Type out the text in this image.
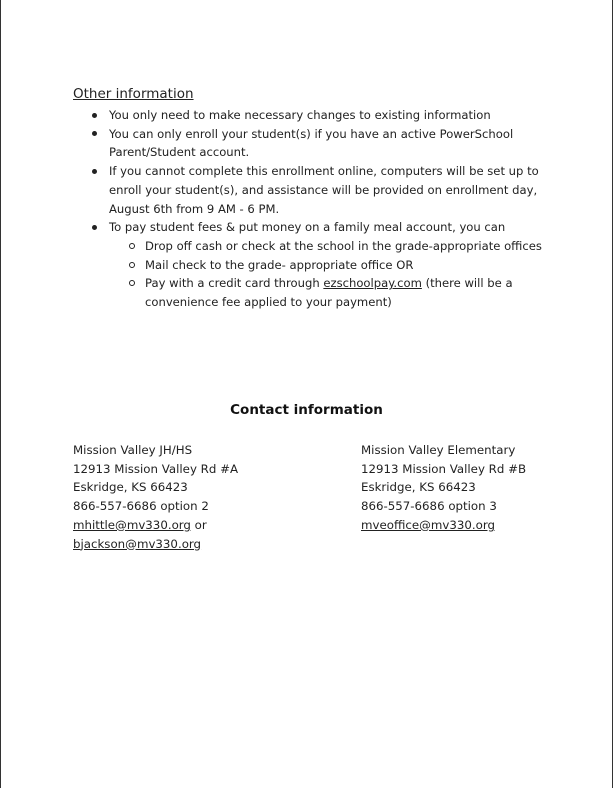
Other information
You only need to make necessary changes to existing information
You can only enroll your student(s) if you have an active PowerSchool Parent/Student account.
If you cannot complete this enrollment online, computers will be set up to enroll your student(s), and assistance will be provided on enrollment day, August 6th from 9 AM - 6 PM.
To pay student fees & put money on a family meal account, you can
Drop off cash or check at the school in the grade-appropriate offices
Mail check to the grade- appropriate office OR
Pay with a credit card through ezschoolpay.com (there will be a convenience fee applied to your payment)
Contact information
Mission Valley JH/HS
12913 Mission Valley Rd #A
Eskridge, KS 66423
866-557-6686 option 2
mhittle@mv330.org or
bjackson@mv330.org
Mission Valley Elementary
12913 Mission Valley Rd #B
Eskridge, KS 66423
866-557-6686 option 3
mveoffice@mv330.org
